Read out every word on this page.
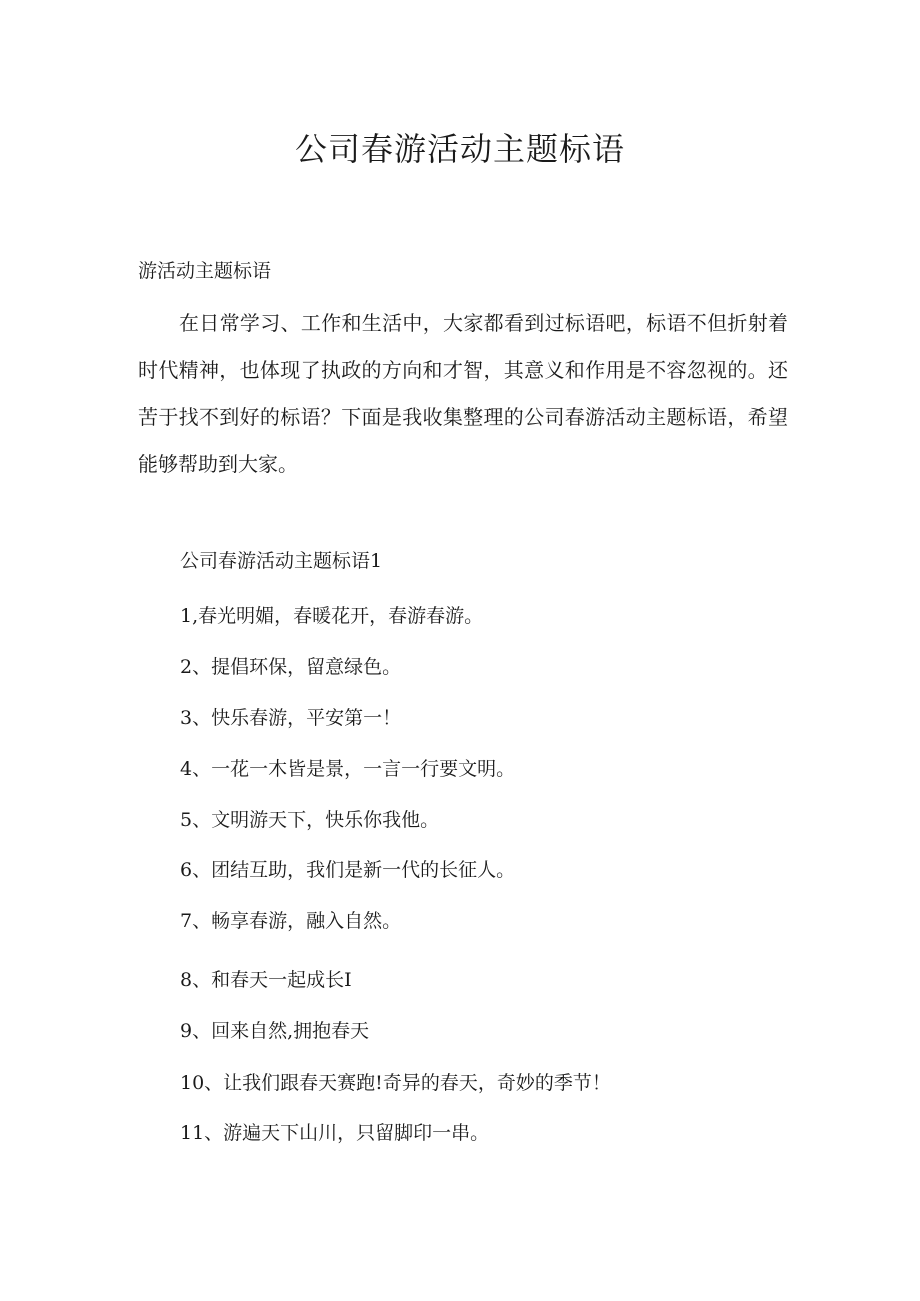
公司春游活动主题标语
游活动主题标语

在日常学习、工作和生活中，大家都看到过标语吧，标语不但折射着时代精神，也体现了执政的方向和才智，其意义和作用是不容忽视的。还苦于找不到好的标语？下面是我收集整理的公司春游活动主题标语，希望能够帮助到大家。

公司春游活动主题标语1
1,春光明媚，春暖花开，春游春游。
2、提倡环保，留意绿色。
3、快乐春游，平安第一！
4、一花一木皆是景，一言一行要文明。
5、文明游天下，快乐你我他。
6、团结互助，我们是新一代的长征人。
7、畅享春游，融入自然。
8、和春天一起成长I
9、回来自然,拥抱春天
10、让我们跟春天赛跑!奇异的春天，奇妙的季节！
11、游遍天下山川，只留脚印一串。
